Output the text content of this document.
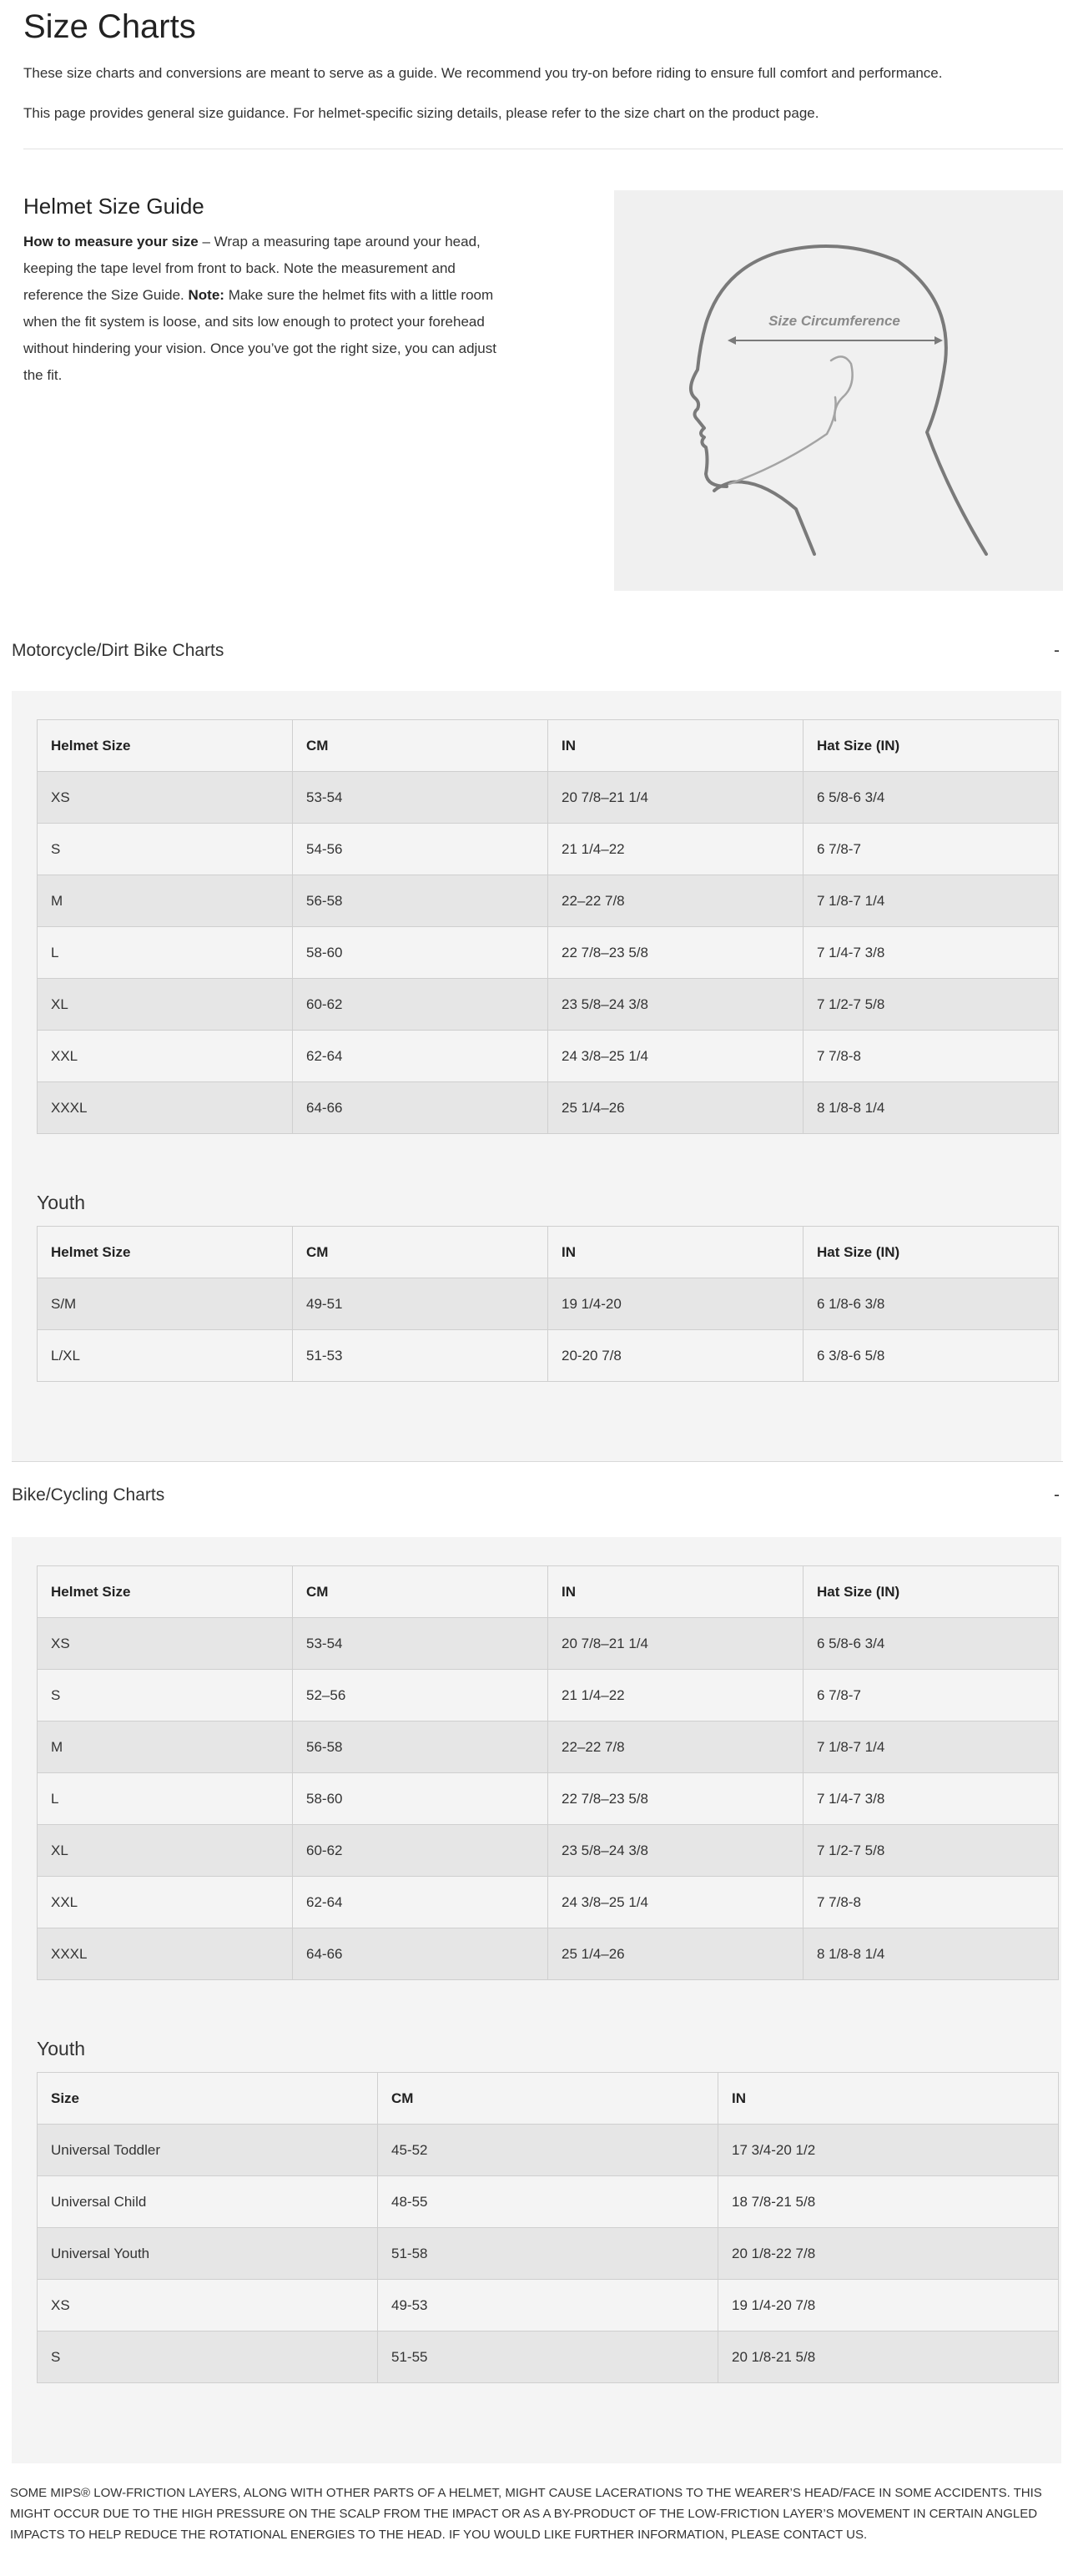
Size Charts

These size charts and conversions are meant to serve as a guide. We recommend you try-on before riding to ensure full comfort and performance.

This page provides general size guidance. For helmet-specific sizing details, please refer to the size chart on the product page.

Helmet Size Guide

How to measure your size – Wrap a measuring tape around your head, keeping the tape level from front to back. Note the measurement and reference the Size Guide. Note: Make sure the helmet fits with a little room when the fit system is loose, and sits low enough to protect your forehead without hindering your vision. Once you’ve got the right size, you can adjust the fit.

Size Circumference
Motorcycle/Dirt Bike Charts	-
Helmet Size	CM	IN	Hat Size (IN)
XS	53-54	20 7/8–21 1/4	6 5/8-6 3/4
S	54-56	21 1/4–22	6 7/8-7
M	56-58	22–22 7/8	7 1/8-7 1/4
L	58-60	22 7/8–23 5/8	7 1/4-7 3/8
XL	60-62	23 5/8–24 3/8	7 1/2-7 5/8
XXL	62-64	24 3/8–25 1/4	7 7/8-8
XXXL	64-66	25 1/4–26	8 1/8-8 1/4
Youth
Helmet Size	CM	IN	Hat Size (IN)
S/M	49-51	19 1/4-20	6 1/8-6 3/8
L/XL	51-53	20-20 7/8	6 3/8-6 5/8
Bike/Cycling Charts	-
Helmet Size	CM	IN	Hat Size (IN)
XS	53-54	20 7/8–21 1/4	6 5/8-6 3/4
S	52–56	21 1/4–22	6 7/8-7
M	56-58	22–22 7/8	7 1/8-7 1/4
L	58-60	22 7/8–23 5/8	7 1/4-7 3/8
XL	60-62	23 5/8–24 3/8	7 1/2-7 5/8
XXL	62-64	24 3/8–25 1/4	7 7/8-8
XXXL	64-66	25 1/4–26	8 1/8-8 1/4
Youth
Size	CM	IN
Universal Toddler	45-52	17 3/4-20 1/2
Universal Child	48-55	18 7/8-21 5/8
Universal Youth	51-58	20 1/8-22 7/8
XS	49-53	19 1/4-20 7/8
S	51-55	20 1/8-21 5/8

SOME MIPS® LOW-FRICTION LAYERS, ALONG WITH OTHER PARTS OF A HELMET, MIGHT CAUSE LACERATIONS TO THE WEARER’S HEAD/FACE IN SOME ACCIDENTS. THIS MIGHT OCCUR DUE TO THE HIGH PRESSURE ON THE SCALP FROM THE IMPACT OR AS A BY-PRODUCT OF THE LOW-FRICTION LAYER’S MOVEMENT IN CERTAIN ANGLED IMPACTS TO HELP REDUCE THE ROTATIONAL ENERGIES TO THE HEAD. IF YOU WOULD LIKE FURTHER INFORMATION, PLEASE CONTACT US.
